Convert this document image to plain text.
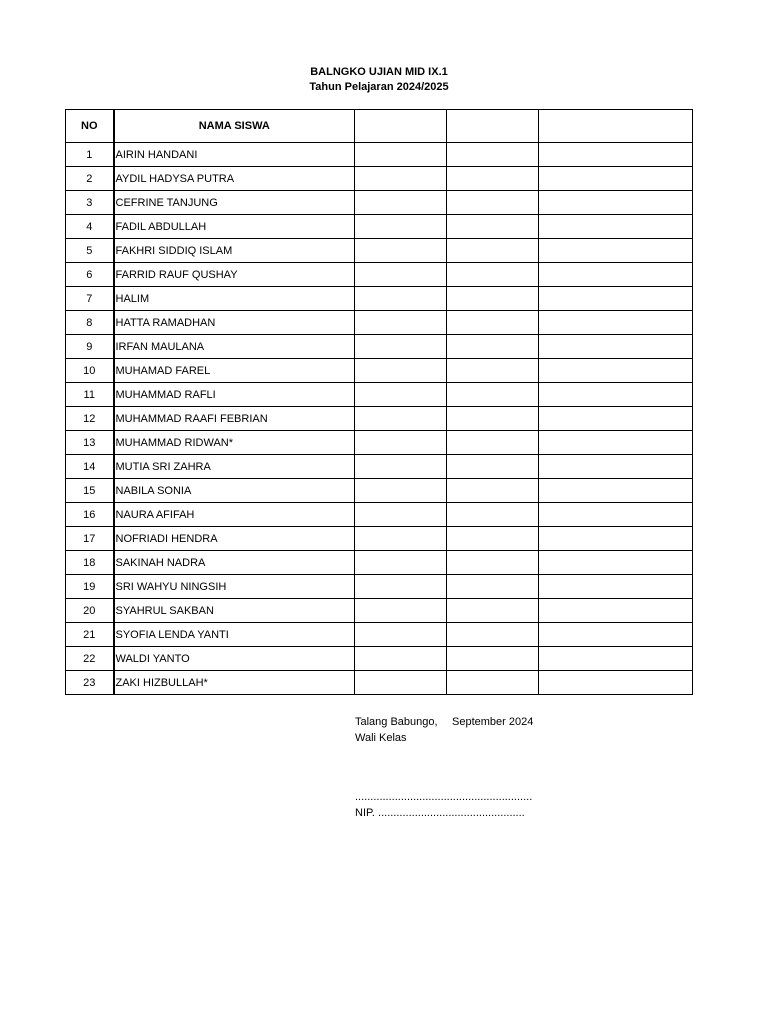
BALNGKO UJIAN MID IX.1
Tahun Pelajaran 2024/2025
NO	NAMA SISWA			
1	AIRIN HANDANI			
2	AYDIL HADYSA PUTRA			
3	CEFRINE TANJUNG			
4	FADIL ABDULLAH			
5	FAKHRI SIDDIQ ISLAM			
6	FARRID RAUF QUSHAY			
7	HALIM			
8	HATTA RAMADHAN			
9	IRFAN MAULANA			
10	MUHAMAD FAREL			
11	MUHAMMAD RAFLI			
12	MUHAMMAD RAAFI FEBRIAN			
13	MUHAMMAD RIDWAN*			
14	MUTIA SRI ZAHRA			
15	NABILA SONIA			
16	NAURA AFIFAH			
17	NOFRIADI HENDRA			
18	SAKINAH NADRA			
19	SRI WAHYU NINGSIH			
20	SYAHRUL SAKBAN			
21	SYOFIA LENDA YANTI			
22	WALDI YANTO			
23	ZAKI HIZBULLAH*			
Talang Babungo, September 2024
Wali Kelas
..........................................................
NIP. ................................................
